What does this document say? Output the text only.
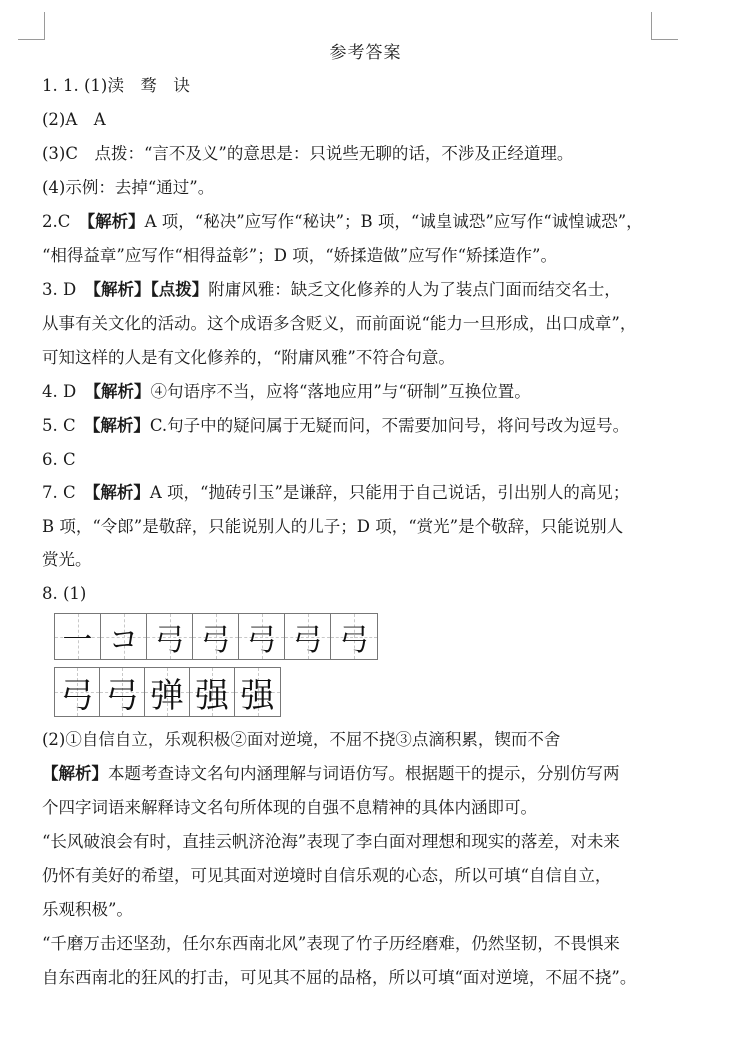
参考答案
1. 1. (1)渎　骛　诀
(2)A　A
(3)C　点拨：“言不及义”的意思是：只说些无聊的话，不涉及正经道理。
(4)示例：去掉“通过”。
2.C　【解析】A 项，“秘决”应写作“秘诀”；B 项，“诚皇诚恐”应写作“诚惶诚恐”，
“相得益章”应写作“相得益彰”；D 项，“娇揉造做”应写作“矫揉造作”。
3. D　【解析】【点拨】附庸风雅：缺乏文化修养的人为了装点门面而结交名士，
从事有关文化的活动。这个成语多含贬义，而前面说“能力一旦形成，出口成章”，
可知这样的人是有文化修养的，“附庸风雅”不符合句意。
4. D　【解析】④句语序不当，应将“落地应用”与“研制”互换位置。
5. C　【解析】C.句子中的疑问属于无疑而问，不需要加问号，将问号改为逗号。
6. C
7. C　【解析】A 项，“抛砖引玉”是谦辞，只能用于自己说话，引出别人的高见；
B 项，“令郎”是敬辞，只能说别人的儿子；D 项，“赏光”是个敬辞，只能说别人
赏光。
8. (1)
一 コ 弓 弓 弓 弓 弓
弓 弓 弹 强 强
(2)①自信自立，乐观积极②面对逆境，不屈不挠③点滴积累，锲而不舍
【解析】本题考查诗文名句内涵理解与词语仿写。根据题干的提示，分别仿写两
个四字词语来解释诗文名句所体现的自强不息精神的具体内涵即可。
“长风破浪会有时，直挂云帆济沧海”表现了李白面对理想和现实的落差，对未来
仍怀有美好的希望，可见其面对逆境时自信乐观的心态，所以可填“自信自立，
乐观积极”。
“千磨万击还坚劲，任尔东西南北风”表现了竹子历经磨难，仍然坚韧，不畏惧来
自东西南北的狂风的打击，可见其不屈的品格，所以可填“面对逆境，不屈不挠”。
